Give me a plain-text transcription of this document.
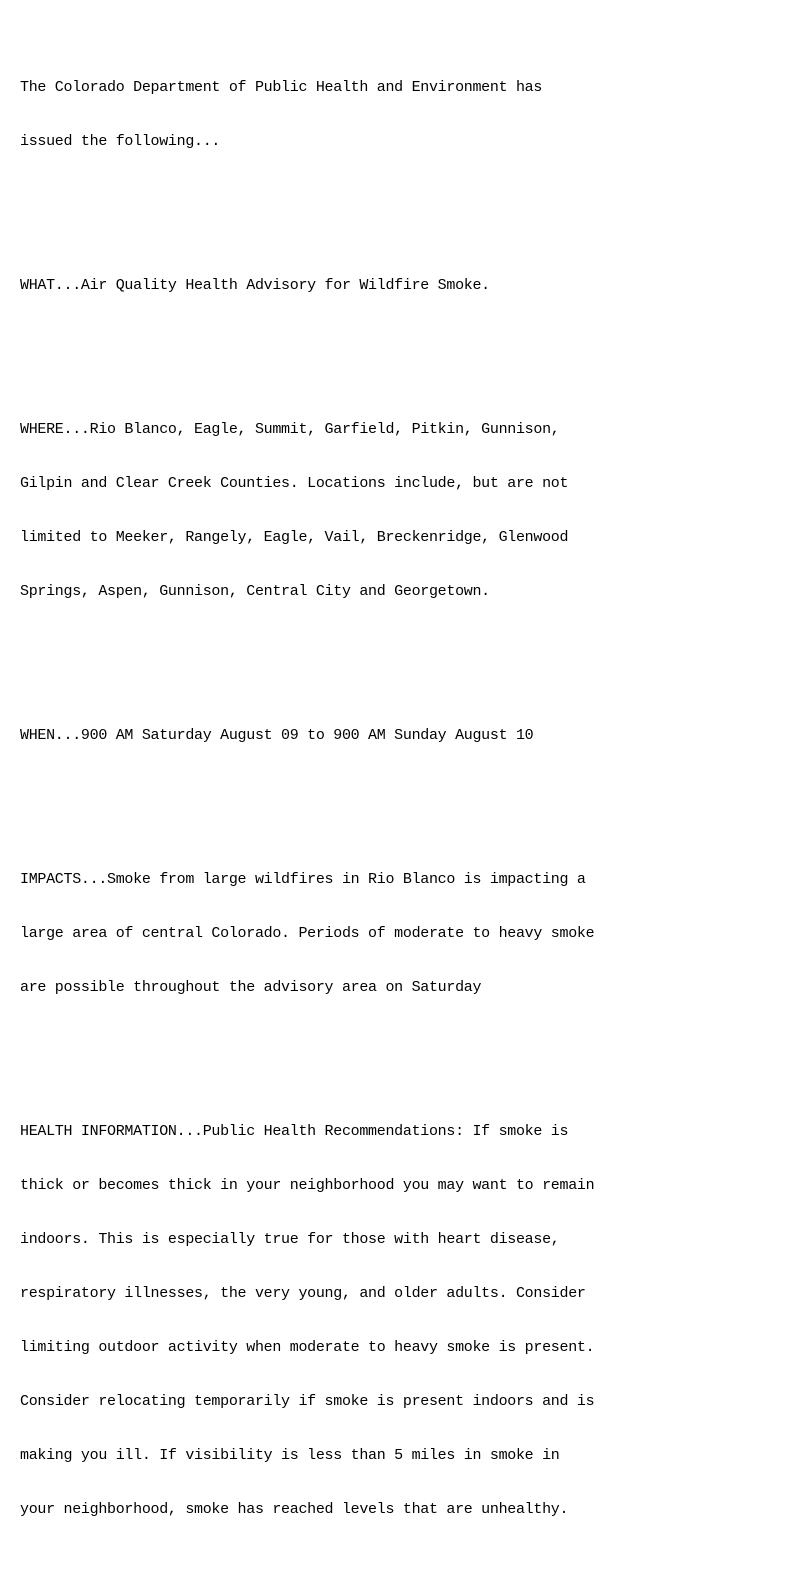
The Colorado Department of Public Health and Environment has

issued the following...

WHAT...Air Quality Health Advisory for Wildfire Smoke.

WHERE...Rio Blanco, Eagle, Summit, Garfield, Pitkin, Gunnison,

Gilpin and Clear Creek Counties. Locations include, but are not

limited to Meeker, Rangely, Eagle, Vail, Breckenridge, Glenwood

Springs, Aspen, Gunnison, Central City and Georgetown.

WHEN...900 AM Saturday August 09 to 900 AM Sunday August 10

IMPACTS...Smoke from large wildfires in Rio Blanco is impacting a

large area of central Colorado. Periods of moderate to heavy smoke

are possible throughout the advisory area on Saturday

HEALTH INFORMATION...Public Health Recommendations: If smoke is

thick or becomes thick in your neighborhood you may want to remain

indoors. This is especially true for those with heart disease,

respiratory illnesses, the very young, and older adults. Consider

limiting outdoor activity when moderate to heavy smoke is present.

Consider relocating temporarily if smoke is present indoors and is

making you ill. If visibility is less than 5 miles in smoke in

your neighborhood, smoke has reached levels that are unhealthy.
